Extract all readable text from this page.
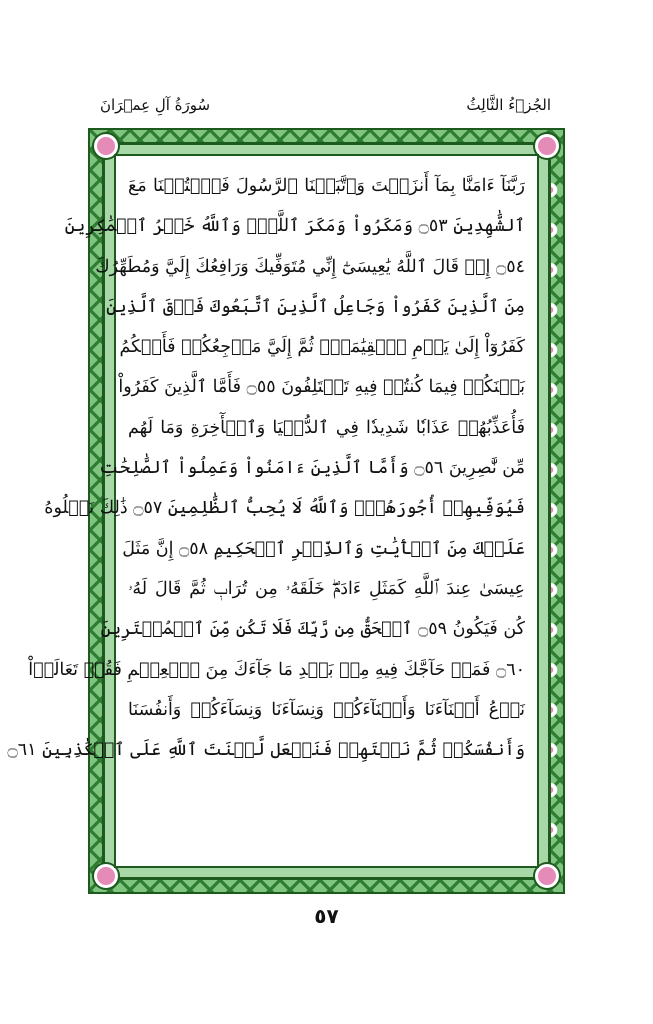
سُورَةُ آلِ عِمۡرَانَ	الجُزۡءُ الثَّالِثُ
رَبَّنَآ ءَامَنَّا بِمَآ أَنزَلۡتَ وَٱتَّبَعۡنَا ٱلرَّسُولَ فَٱكۡتُبۡنَا مَعَ
ٱلشَّٰهِدِينَ ۝٥٣ وَمَكَرُواْ وَمَكَرَ ٱللَّهُۖ وَٱللَّهُ خَيۡرُ ٱلۡمَٰكِرِينَ
۝٥٤ إِذۡ قَالَ ٱللَّهُ يَٰعِيسَىٰٓ إِنِّي مُتَوَفِّيكَ وَرَافِعُكَ إِلَيَّ وَمُطَهِّرُكَ
مِنَ ٱلَّذِينَ كَفَرُواْ وَجَاعِلُ ٱلَّذِينَ ٱتَّبَعُوكَ فَوۡقَ ٱلَّذِينَ
كَفَرُوٓاْ إِلَىٰ يَوۡمِ ٱلۡقِيَٰمَةِۖ ثُمَّ إِلَيَّ مَرۡجِعُكُمۡ فَأَحۡكُمُ
بَيۡنَكُمۡ فِيمَا كُنتُمۡ فِيهِ تَخۡتَلِفُونَ ۝٥٥ فَأَمَّا ٱلَّذِينَ كَفَرُواْ
فَأُعَذِّبُهُمۡ عَذَابٗا شَدِيدٗا فِي ٱلدُّنۡيَا وَٱلۡأٓخِرَةِ وَمَا لَهُم
مِّن نَّٰصِرِينَ ۝٥٦ وَأَمَّا ٱلَّذِينَ ءَامَنُواْ وَعَمِلُواْ ٱلصَّٰلِحَٰتِ
فَيُوَفِّيهِمۡ أُجُورَهُمۡۗ وَٱللَّهُ لَا يُحِبُّ ٱلظَّٰلِمِينَ ۝٥٧ ذَٰلِكَ نَتۡلُوهُ
عَلَيۡكَ مِنَ ٱلۡأٓيَٰتِ وَٱلذِّكۡرِ ٱلۡحَكِيمِ ۝٥٨ إِنَّ مَثَلَ
عِيسَىٰ عِندَ ٱللَّهِ كَمَثَلِ ءَادَمَۖ خَلَقَهُۥ مِن تُرَابٖ ثُمَّ قَالَ لَهُۥ
كُن فَيَكُونُ ۝٥٩ ٱلۡحَقُّ مِن رَّبِّكَ فَلَا تَكُن مِّنَ ٱلۡمُمۡتَرِينَ
۝٦٠ فَمَنۡ حَآجَّكَ فِيهِ مِنۢ بَعۡدِ مَا جَآءَكَ مِنَ ٱلۡعِلۡمِ فَقُلۡ تَعَالَوۡاْ
نَدۡعُ أَبۡنَآءَنَا وَأَبۡنَآءَكُمۡ وَنِسَآءَنَا وَنِسَآءَكُمۡ وَأَنفُسَنَا
وَأَنفُسَكُمۡ ثُمَّ نَبۡتَهِلۡ فَنَجۡعَل لَّعۡنَتَ ٱللَّهِ عَلَى ٱلۡكَٰذِبِينَ ۝٦١
٥٧
